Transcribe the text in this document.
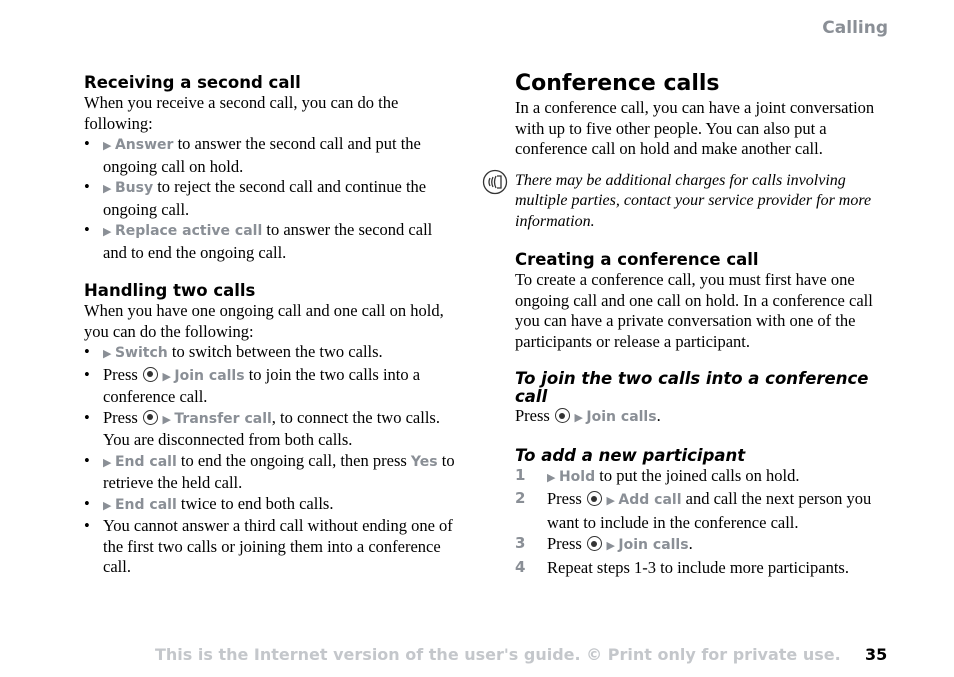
Calling
Receiving a second call

When you receive a second call, you can do the following:

• ▶ Answer to answer the second call and put the ongoing call on hold.
• ▶ Busy to reject the second call and continue the ongoing call.
• ▶ Replace active call to answer the second call and to end the ongoing call.
Handling two calls

When you have one ongoing call and one call on hold, you can do the following:

• ▶ Switch to switch between the two calls.
• Press  ▶ Join calls to join the two calls into a conference call.
• Press  ▶ Transfer call, to connect the two calls. You are disconnected from both calls.
• ▶ End call to end the ongoing call, then press Yes to retrieve the held call.
• ▶ End call twice to end both calls.
• You cannot answer a third call without ending one of the first two calls or joining them into a conference call.
Conference calls

In a conference call, you can have a joint conversation with up to five other people. You can also put a conference call on hold and make another call.

There may be additional charges for calls involving multiple parties, contact your service provider for more information.
Creating a conference call

To create a conference call, you must first have one ongoing call and one call on hold. In a conference call you can have a private conversation with one of the participants or release a participant.

To join the two calls into a conference call

Press  ▶ Join calls.

To add a new participant
1 ▶ Hold to put the joined calls on hold.
2 Press  ▶ Add call and call the next person you want to include in the conference call.
3 Press  ▶ Join calls.
4 Repeat steps 1-3 to include more participants.
This is the Internet version of the user's guide. © Print only for private use. 35
